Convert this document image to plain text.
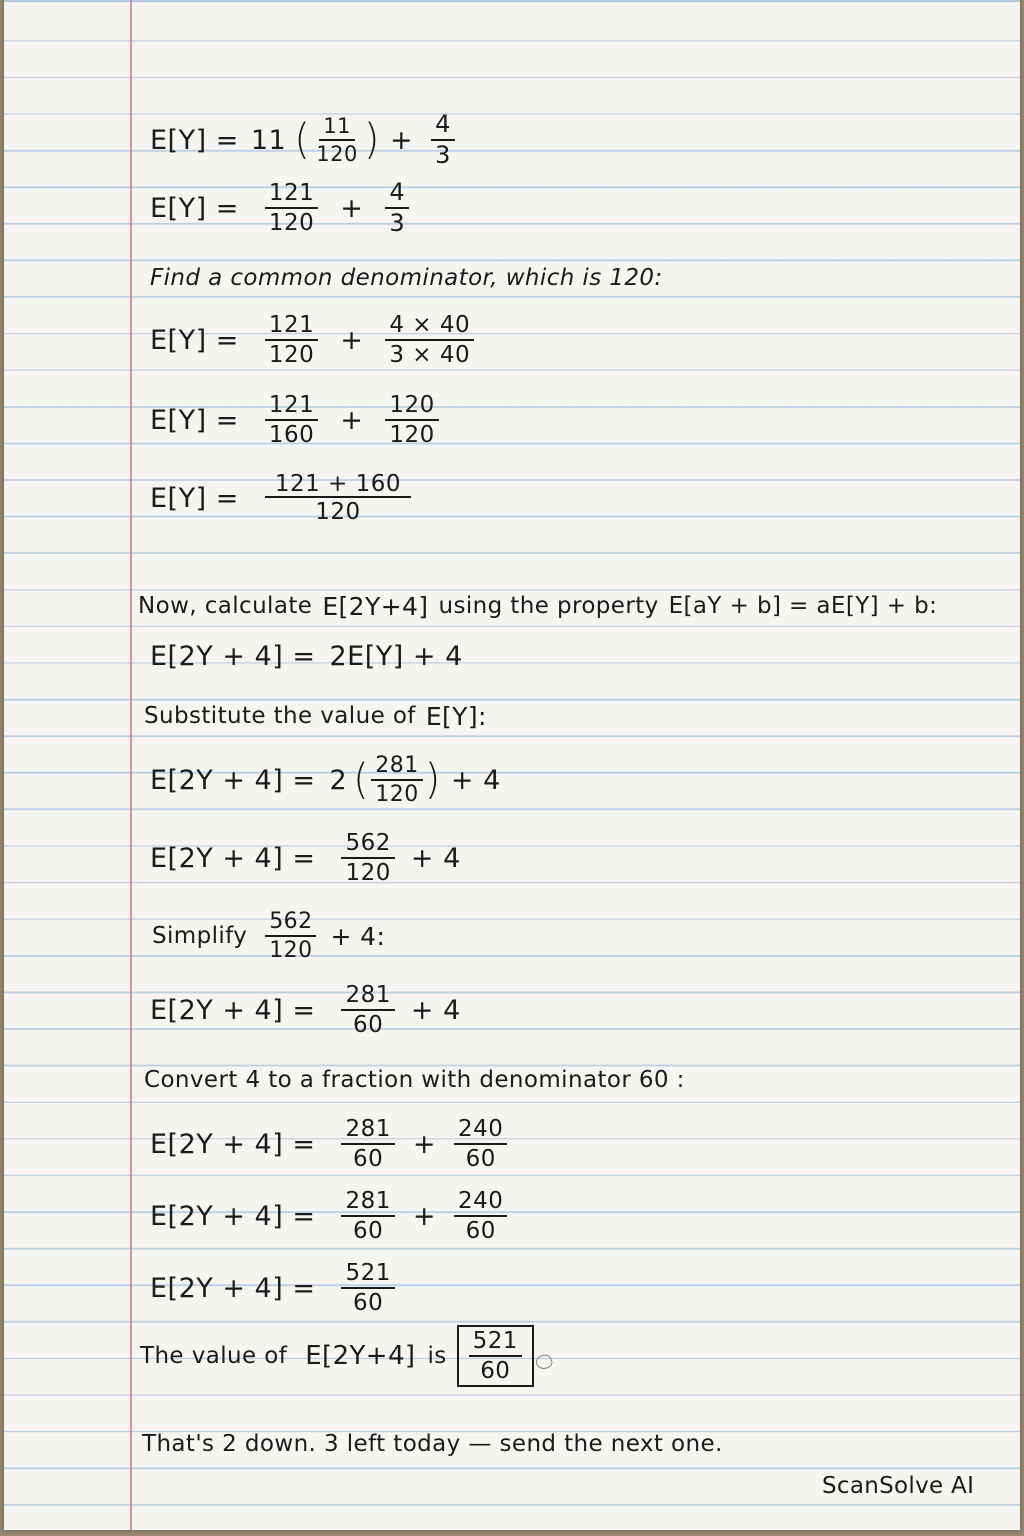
E[Y] = 11 ( $\frac{11}{120}$ ) + $\frac{4}{3}$
$E[Y] = \frac{121}{120} + \frac{4}{3}$
Find a common denominator, which is 120:
$E[Y] = \frac{121}{120} + \frac{4 \times 40}{3 \times 40}$
$E[Y] = \frac{121}{160} + \frac{120}{120}$
$E[Y] = \frac{121 + 160}{120}$
Now, calculate E[2Y+4] using the property E[aY + b] = aE[Y] + b:
E[2Y + 4] = 2E[Y] + 4
Substitute the value of E[Y]:
E[2Y + 4] = 2 ( $\frac{281}{120}$ ) + 4
$E[2Y + 4] = \frac{562}{120} + 4$
Simplify $\frac{562}{120} + 4$:
$E[2Y + 4] = \frac{281}{60} + 4$
Convert 4 to a fraction with denominator 60 :
$E[2Y + 4] = \frac{281}{60} + \frac{240}{60}$
$E[2Y + 4] = \frac{281}{60} + \frac{240}{60}$
$E[2Y + 4] = \frac{521}{60}$
The value of E[2Y+4] is $\frac{521}{60}$
That's 2 down. 3 left today — send the next one.
ScanSolve AI
